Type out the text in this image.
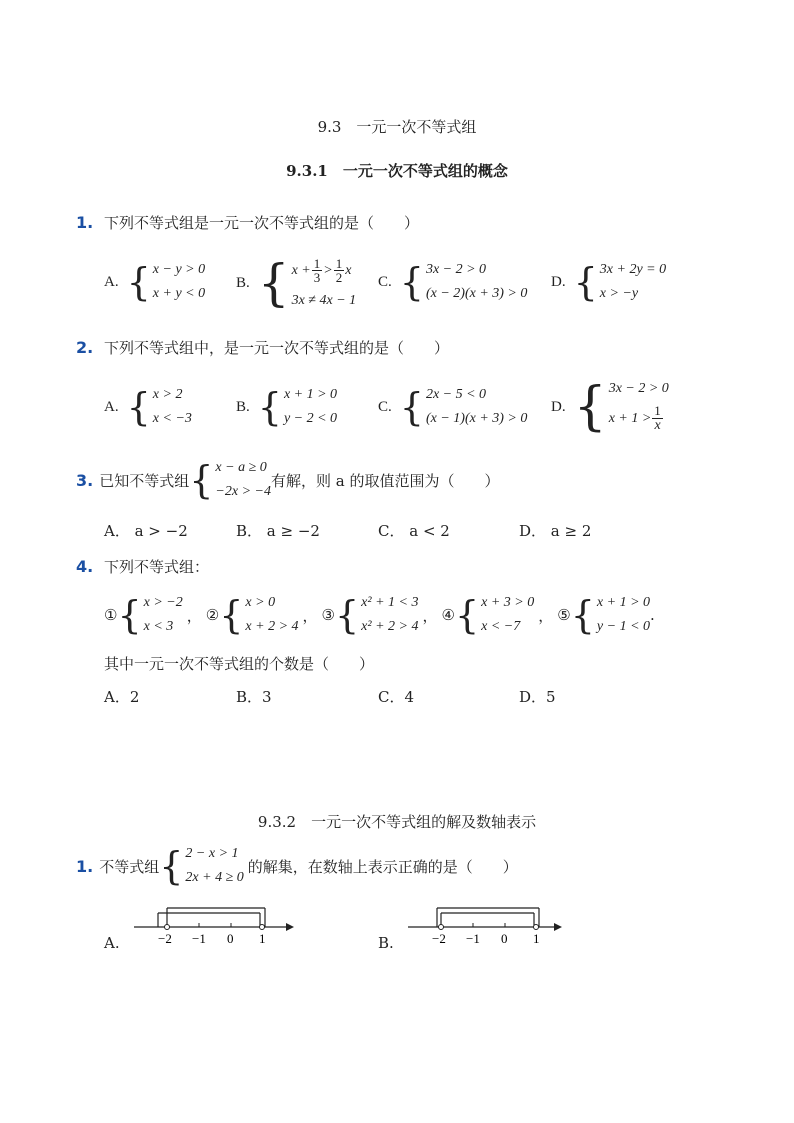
9.3　一元一次不等式组
9.3.1　一元一次不等式组的概念
1. 下列不等式组是一元一次不等式组的是（　　）
A. { x − y > 0
x + y < 0
B. { $x + \frac{1}{3} > \frac{1}{2}$ x
3x ≠ 4x − 1
C. { 3x − 2 > 0
(x − 2)(x + 3) > 0
D. { 3x + 2y = 0
x > −y
2. 下列不等式组中，是一元一次不等式组的是（　　）
A. { x > 2
x < −3
B. { x + 1 > 0
y − 2 < 0
C. { 2x − 5 < 0
(x − 1)(x + 3) > 0
D. { 3x − 2 > 0
$x + 1 > \frac{1}{x}$
3. 已知不等式组 { x − a ≥ 0
−2x > −4
有解，则 a 的取值范围为（　　）
A． a > −2	B． a ≥ −2	C． a < 2	D． a ≥ 2
4. 下列不等式组：
① { x > −2
x < 3
， ② { x > 0
x + 2 > 4
， ③ { x² + 1 < 3
x² + 2 > 4
， ④ { x + 3 > 0
x < −7
， ⑤ { x + 1 > 0
y − 1 < 0
.
其中一元一次不等式组的个数是（　　）
A．2	B．3	C．4	D．5
9.3.2　一元一次不等式组的解及数轴表示
1. 不等式组 { 2 − x > 1
2x + 4 ≥ 0
的解集，在数轴上表示正确的是（　　）
A.	−2 −1 0 1	B.	−2 −1 0 1
